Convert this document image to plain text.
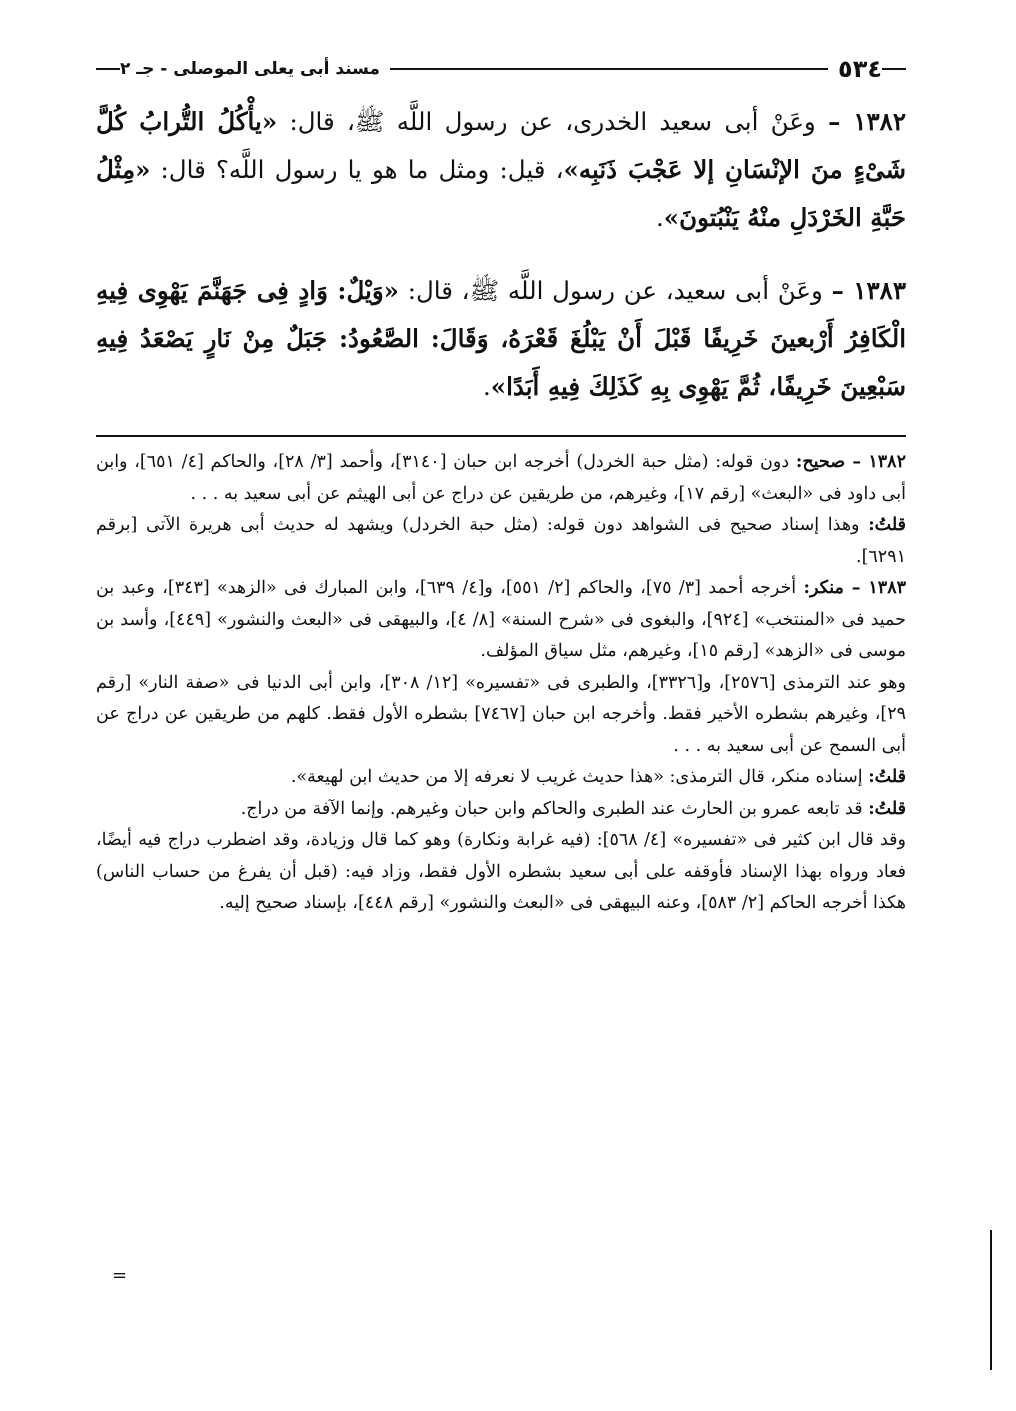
٥٣٤
مسند أبى يعلى الموصلى - جـ ٢

١٣٨٢ – وعَنْ أبى سعيد الخدرى، عن رسول اللَّه ﷺ، قال: «يأْكُلُ التُّرابُ كُلَّ شَىْءٍ منَ الإنْسَانِ إلا عَجْبَ ذَنَبِه»، قيل: ومثل ما هو يا رسول اللَّه؟ قال: «مِثْلُ حَبَّةِ الخَرْدَلِ منْهُ يَنْبُتونَ».

١٣٨٣ – وعَنْ أبى سعيد، عن رسول اللَّه ﷺ، قال: «وَيْلٌ: وَادٍ فِى جَهَنَّمَ يَهْوِى فِيهِ الْكَافِرُ أَرْبعينَ خَرِيفًا قَبْلَ أَنْ يَبْلُغَ قَعْرَهُ، وَقَالَ: الصَّعُودُ: جَبَلٌ مِنْ نَارٍ يَصْعَدُ فِيهِ سَبْعِينَ خَرِيفًا، ثُمَّ يَهْوِى بِهِ كَذَلِكَ فِيهِ أَبَدًا».

١٣٨٢ – صحيح: دون قوله: (مثل حبة الخردل) أخرجه ابن حبان [٣١٤٠]، وأحمد [٣/ ٢٨]، والحاكم [٤/ ٦٥١]، وابن أبى داود فى «البعث» [رقم ١٧]، وغيرهم، من طريقين عن دراج عن أبى الهيثم عن أبى سعيد به . . .

قلتُ: وهذا إسناد صحيح فى الشواهد دون قوله: (مثل حبة الخردل) ويشهد له حديث أبى هريرة الآتى [برقم ٦٢٩١].

١٣٨٣ – منكر: أخرجه أحمد [٣/ ٧٥]، والحاكم [٢/ ٥٥١]، و[٤/ ٦٣٩]، وابن المبارك فى «الزهد» [٣٤٣]، وعبد بن حميد فى «المنتخب» [٩٢٤]، والبغوى فى «شرح السنة» [٨/ ٤]، والبيهقى فى «البعث والنشور» [٤٤٩]، وأسد بن موسى فى «الزهد» [رقم ١٥]، وغيرهم، مثل سياق المؤلف.

وهو عند الترمذى [٢٥٧٦]، و[٣٣٢٦]، والطبرى فى «تفسيره» [١٢/ ٣٠٨]، وابن أبى الدنيا فى «صفة النار» [رقم ٢٩]، وغيرهم بشطره الأخير فقط. وأخرجه ابن حبان [٧٤٦٧] بشطره الأول فقط. كلهم من طريقين عن دراج عن أبى السمح عن أبى سعيد به . . .

قلتُ: إسناده منكر، قال الترمذى: «هذا حديث غريب لا نعرفه إلا من حديث ابن لهيعة».

قلتُ: قد تابعه عمرو بن الحارث عند الطبرى والحاكم وابن حبان وغيرهم. وإنما الآفة من دراج.

وقد قال ابن كثير فى «تفسيره» [٤/ ٥٦٨]: (فيه غرابة ونكارة) وهو كما قال وزيادة، وقد اضطرب دراج فيه أيضًا، فعاد ورواه بهذا الإسناد فأوقفه على أبى سعيد بشطره الأول فقط، وزاد فيه: (قبل أن يفرغ من حساب الناس) هكذا أخرجه الحاكم [٢/ ٥٨٣]، وعنه البيهقى فى «البعث والنشور» [رقم ٤٤٨]، بإسناد صحيح إليه.

=
